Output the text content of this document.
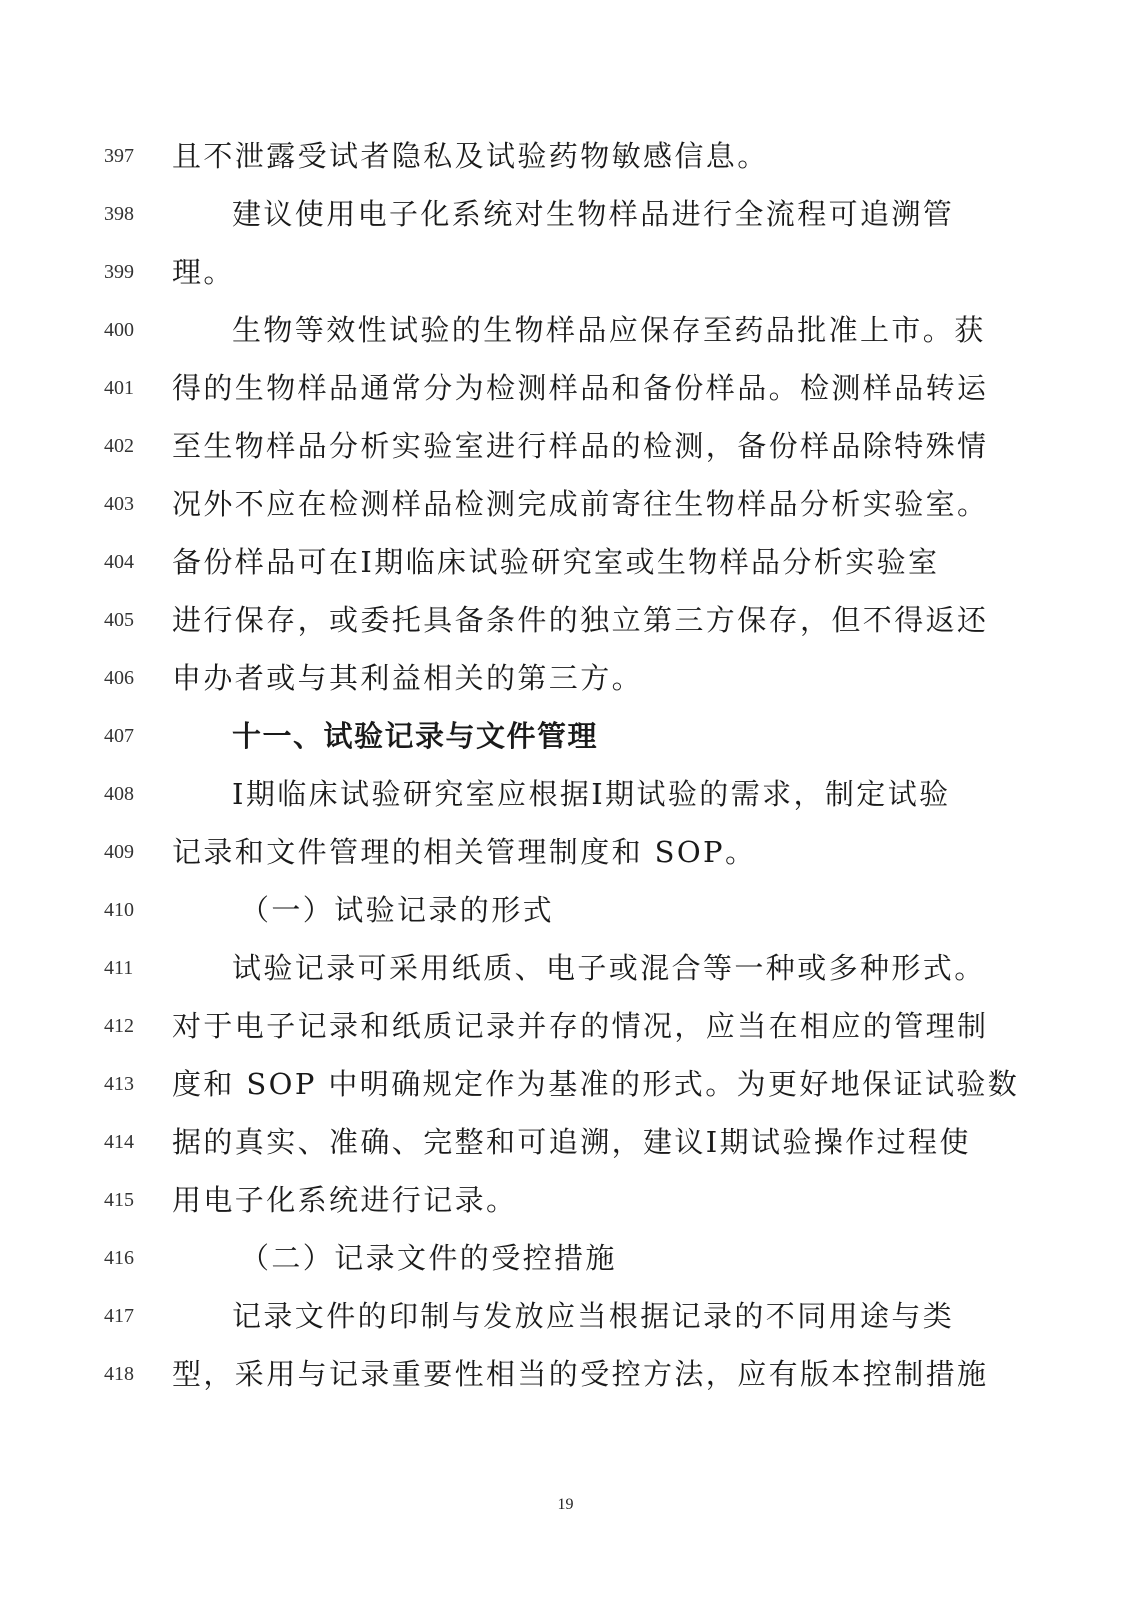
397	且不泄露受试者隐私及试验药物敏感信息。
398	建议使用电子化系统对生物样品进行全流程可追溯管
399	理。
400	生物等效性试验的生物样品应保存至药品批准上市。获
401	得的生物样品通常分为检测样品和备份样品。检测样品转运
402	至生物样品分析实验室进行样品的检测，备份样品除特殊情
403	况外不应在检测样品检测完成前寄往生物样品分析实验室。
404	备份样品可在Ⅰ期临床试验研究室或生物样品分析实验室
405	进行保存，或委托具备条件的独立第三方保存，但不得返还
406	申办者或与其利益相关的第三方。
407	十一、试验记录与文件管理
408	Ⅰ期临床试验研究室应根据Ⅰ期试验的需求，制定试验
409	记录和文件管理的相关管理制度和 SOP。
410	（一）试验记录的形式
411	试验记录可采用纸质、电子或混合等一种或多种形式。
412	对于电子记录和纸质记录并存的情况，应当在相应的管理制
413	度和 SOP 中明确规定作为基准的形式。为更好地保证试验数
414	据的真实、准确、完整和可追溯，建议Ⅰ期试验操作过程使
415	用电子化系统进行记录。
416	（二）记录文件的受控措施
417	记录文件的印制与发放应当根据记录的不同用途与类
418	型，采用与记录重要性相当的受控方法，应有版本控制措施
19
